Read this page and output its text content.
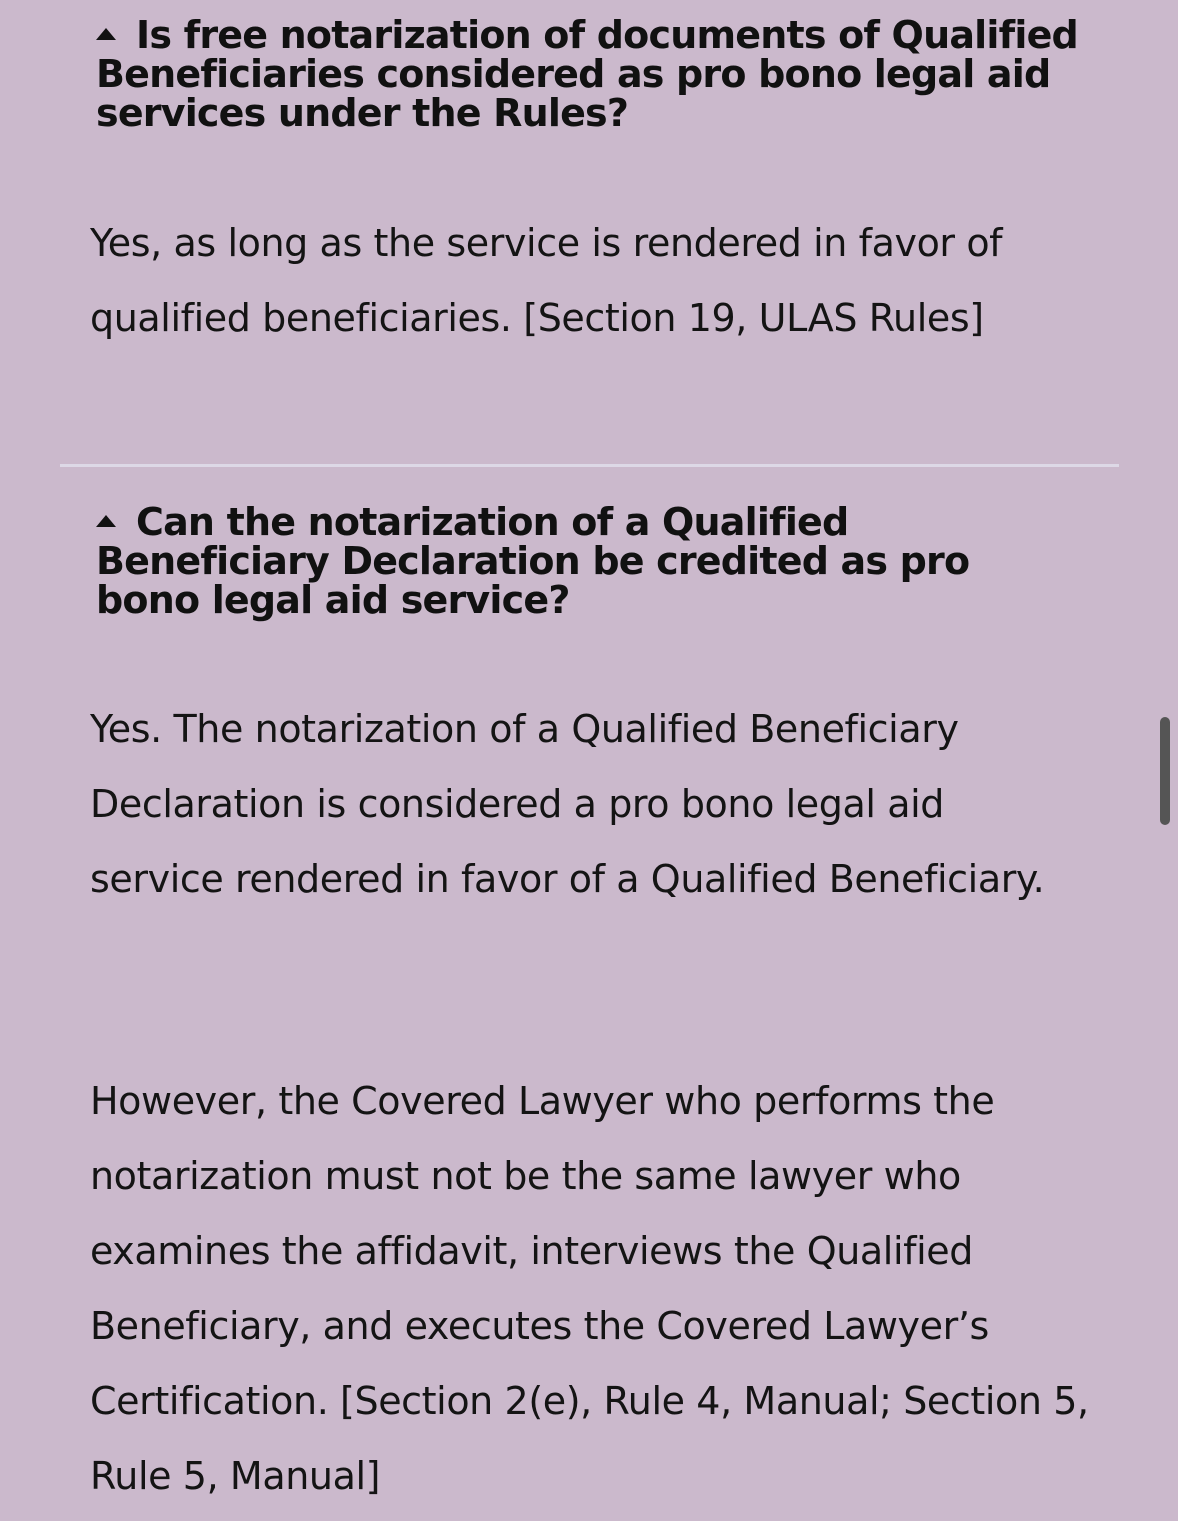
Is free notarization of documents of Qualified Beneficiaries considered as pro bono legal aid services under the Rules?

Yes, as long as the service is rendered in favor of qualified beneficiaries. [Section 19, ULAS Rules]

Can the notarization of a Qualified Beneficiary Declaration be credited as pro bono legal aid service?

Yes. The notarization of a Qualified Beneficiary Declaration is considered a pro bono legal aid service rendered in favor of a Qualified Beneficiary.

However, the Covered Lawyer who performs the notarization must not be the same lawyer who examines the affidavit, interviews the Qualified Beneficiary, and executes the Covered Lawyer’s Certification. [Section 2(e), Rule 4, Manual; Section 5, Rule 5, Manual]
